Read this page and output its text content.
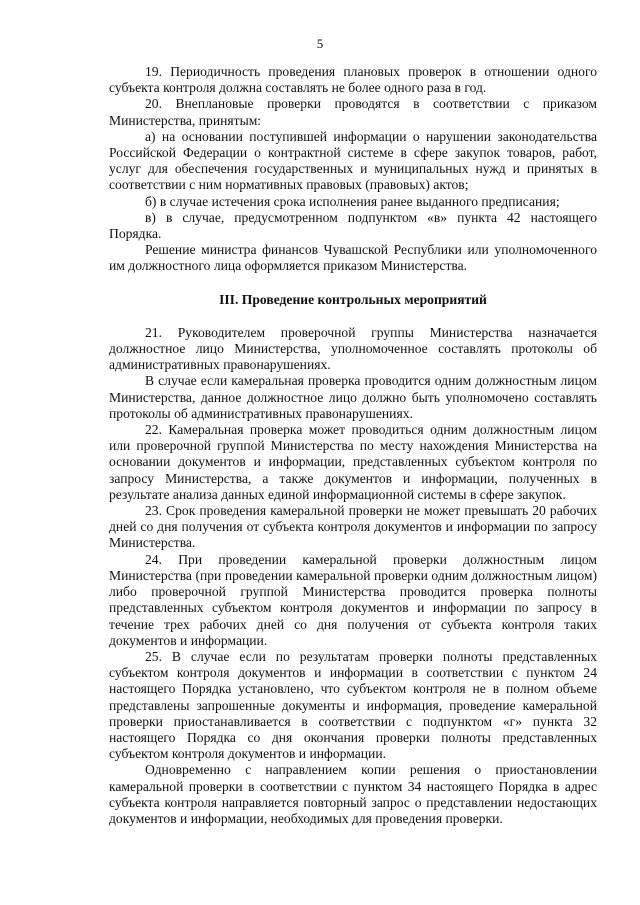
5

19. Периодичность проведения плановых проверок в отношении одного субъекта контроля должна составлять не более одного раза в год.

20. Внеплановые проверки проводятся в соответствии с приказом Министерства, принятым:

а) на основании поступившей информации о нарушении законодательства Российской Федерации о контрактной системе в сфере закупок товаров, работ, услуг для обеспечения государственных и муниципальных нужд и принятых в соответствии с ним нормативных правовых (правовых) актов;

б) в случае истечения срока исполнения ранее выданного предписания;

в) в случае, предусмотренном подпунктом «в» пункта 42 настоящего Порядка.

Решение министра финансов Чувашской Республики или уполномоченного им должностного лица оформляется приказом Министерства.

III. Проведение контрольных мероприятий

21. Руководителем проверочной группы Министерства назначается должностное лицо Министерства, уполномоченное составлять протоколы об административных правонарушениях.

В случае если камеральная проверка проводится одним должностным лицом Министерства, данное должностное лицо должно быть уполномочено составлять протоколы об административных правонарушениях.

22. Камеральная проверка может проводиться одним должностным лицом или проверочной группой Министерства по месту нахождения Министерства на основании документов и информации, представленных субъектом контроля по запросу Министерства, а также документов и информации, полученных в результате анализа данных единой информационной системы в сфере закупок.

23. Срок проведения камеральной проверки не может превышать 20 рабочих дней со дня получения от субъекта контроля документов и информации по запросу Министерства.

24. При проведении камеральной проверки должностным лицом Министерства (при проведении камеральной проверки одним должностным лицом) либо проверочной группой Министерства проводится проверка полноты представленных субъектом контроля документов и информации по запросу в течение трех рабочих дней со дня получения от субъекта контроля таких документов и информации.

25. В случае если по результатам проверки полноты представленных субъектом контроля документов и информации в соответствии с пунктом 24 настоящего Порядка установлено, что субъектом контроля не в полном объеме представлены запрошенные документы и информация, проведение камеральной проверки приостанавливается в соответствии с подпунктом «г» пункта 32 настоящего Порядка со дня окончания проверки полноты представленных субъектом контроля документов и информации.

Одновременно с направлением копии решения о приостановлении камеральной проверки в соответствии с пунктом 34 настоящего Порядка в адрес субъекта контроля направляется повторный запрос о представлении недостающих документов и информации, необходимых для проведения проверки.
